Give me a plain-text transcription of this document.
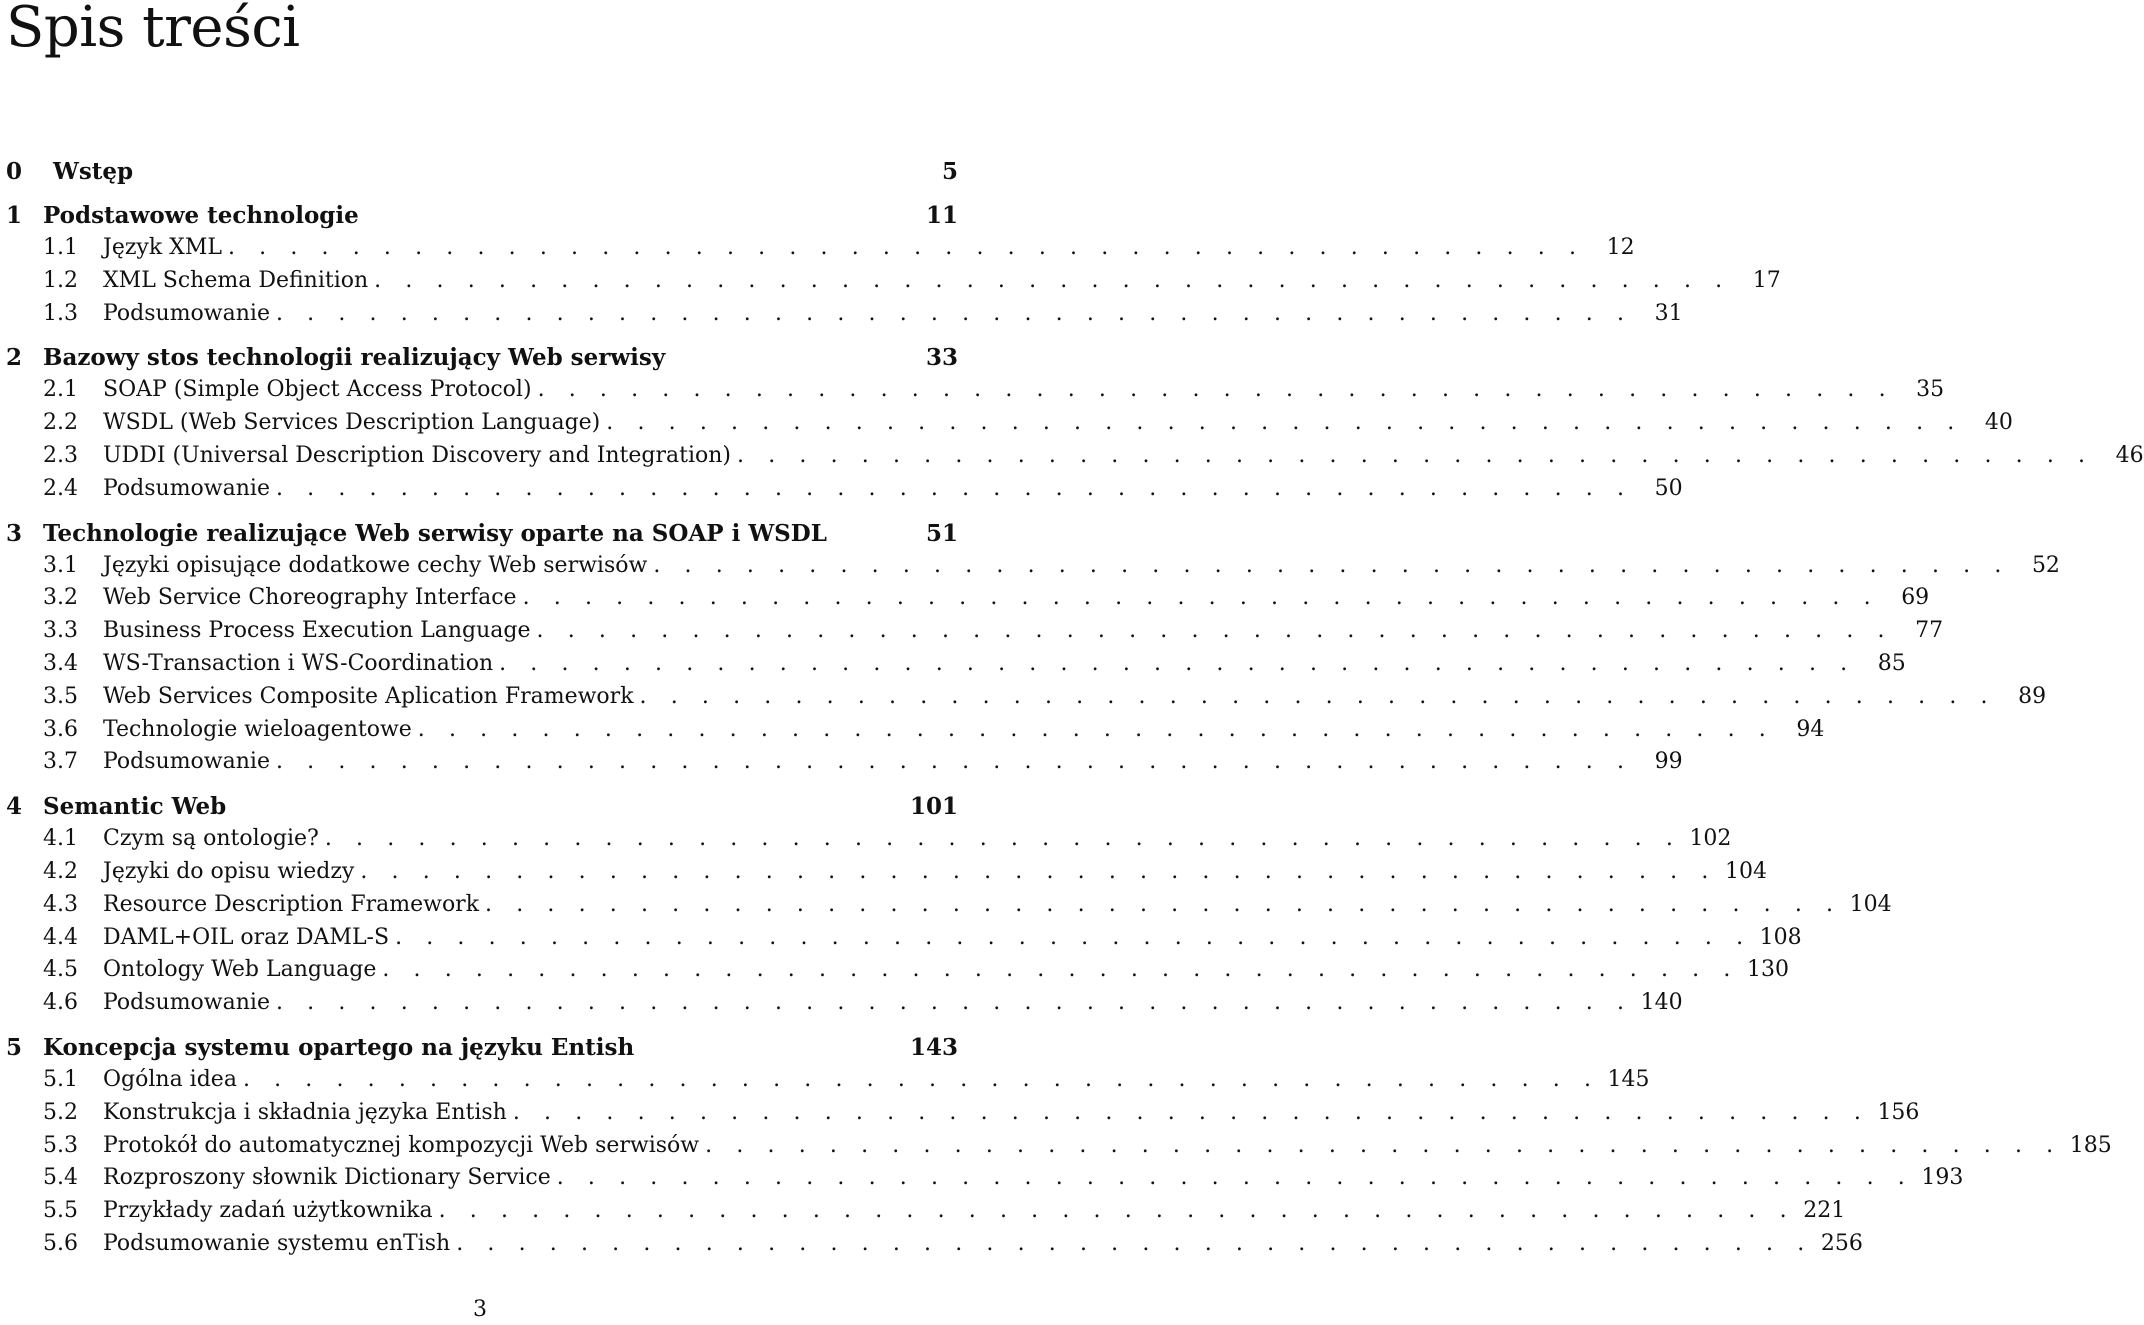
Spis treści
0	Wstęp	5
1 Podstawowe technologie	11
1.1	Język XML . . . . . . . . . . . . . . . . . . . . . . . . . . . . . . . . . . . . . . . . . . . .	12
1.2	XML Schema Definition . . . . . . . . . . . . . . . . . . . . . . . . . . . . . . . . . . . . . . . . . . . .	17
1.3	Podsumowanie . . . . . . . . . . . . . . . . . . . . . . . . . . . . . . . . . . . . . . . . . . . .	31
2 Bazowy stos technologii realizujący Web serwisy	33
2.1	SOAP (Simple Object Access Protocol) . . . . . . . . . . . . . . . . . . . . . . . . . . . . . . . . . . . . . . . . . . . .	35
2.2	WSDL (Web Services Description Language) . . . . . . . . . . . . . . . . . . . . . . . . . . . . . . . . . . . . . . . . . . . .	40
2.3	UDDI (Universal Description Discovery and Integration) . . . . . . . . . . . . . . . . . . . . . . . . . . . . . . . . . . . . . . . . . . . .	46
2.4	Podsumowanie . . . . . . . . . . . . . . . . . . . . . . . . . . . . . . . . . . . . . . . . . . . .	50
3 Technologie realizujące Web serwisy oparte na SOAP i WSDL	51
3.1	Języki opisujące dodatkowe cechy Web serwisów . . . . . . . . . . . . . . . . . . . . . . . . . . . . . . . . . . . . . . . . . . . .	52
3.2	Web Service Choreography Interface . . . . . . . . . . . . . . . . . . . . . . . . . . . . . . . . . . . . . . . . . . . .	69
3.3	Business Process Execution Language . . . . . . . . . . . . . . . . . . . . . . . . . . . . . . . . . . . . . . . . . . . .	77
3.4	WS-Transaction i WS-Coordination . . . . . . . . . . . . . . . . . . . . . . . . . . . . . . . . . . . . . . . . . . . .	85
3.5	Web Services Composite Aplication Framework . . . . . . . . . . . . . . . . . . . . . . . . . . . . . . . . . . . . . . . . . . . .	89
3.6	Technologie wieloagentowe . . . . . . . . . . . . . . . . . . . . . . . . . . . . . . . . . . . . . . . . . . . .	94
3.7	Podsumowanie . . . . . . . . . . . . . . . . . . . . . . . . . . . . . . . . . . . . . . . . . . . .	99
4 Semantic Web	101
4.1	Czym są ontologie? . . . . . . . . . . . . . . . . . . . . . . . . . . . . . . . . . . . . . . . . . . . . 102
4.2	Języki do opisu wiedzy . . . . . . . . . . . . . . . . . . . . . . . . . . . . . . . . . . . . . . . . . . . . 104
4.3	Resource Description Framework . . . . . . . . . . . . . . . . . . . . . . . . . . . . . . . . . . . . . . . . . . . . 104
4.4	DAML+OIL oraz DAML-S . . . . . . . . . . . . . . . . . . . . . . . . . . . . . . . . . . . . . . . . . . . . 108
4.5	Ontology Web Language . . . . . . . . . . . . . . . . . . . . . . . . . . . . . . . . . . . . . . . . . . . . 130
4.6	Podsumowanie . . . . . . . . . . . . . . . . . . . . . . . . . . . . . . . . . . . . . . . . . . . . 140
5 Koncepcja systemu opartego na języku Entish	143
5.1	Ogólna idea . . . . . . . . . . . . . . . . . . . . . . . . . . . . . . . . . . . . . . . . . . . . 145
5.2	Konstrukcja i składnia języka Entish . . . . . . . . . . . . . . . . . . . . . . . . . . . . . . . . . . . . . . . . . . . . 156
5.3	Protokół do automatycznej kompozycji Web serwisów . . . . . . . . . . . . . . . . . . . . . . . . . . . . . . . . . . . . . . . . . . . . 185
5.4	Rozproszony słownik Dictionary Service . . . . . . . . . . . . . . . . . . . . . . . . . . . . . . . . . . . . . . . . . . . . 193
5.5	Przykłady zadań użytkownika . . . . . . . . . . . . . . . . . . . . . . . . . . . . . . . . . . . . . . . . . . . . 221
5.6	Podsumowanie systemu enTish . . . . . . . . . . . . . . . . . . . . . . . . . . . . . . . . . . . . . . . . . . . . 256
3
